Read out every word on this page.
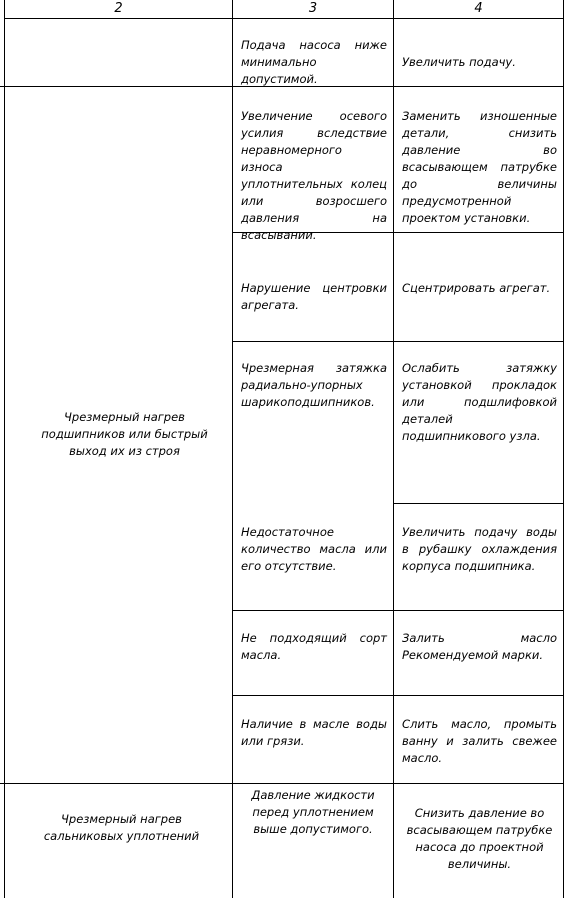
2	3	4
Подача насоса ниже минимально допустимой.
Увеличить подачу.
Увеличение осевого усилия вследствие неравномерного износа уплотнительных колец или возросшего давления на всасывании.
Заменить изношенные детали, снизить давление во всасывающем патрубке до величины предусмотренной проектом установки.
Нарушение центровки агрегата.
Сцентрировать агрегат.
Чрезмерная затяжка радиально-упорных шарикоподшипников.
Ослабить затяжку установкой прокладок или подшлифовкой деталей подшипникового узла.
Недостаточное количество масла или его отсутствие.
Увеличить подачу воды в рубашку охлаждения корпуса подшипника.
Не подходящий сорт масла.
Залить масло Рекомендуемой марки.
Наличие в масле воды или грязи.
Слить масло, промыть ванну и залить свежее масло.
Чрезмерный нагрев подшипников или быстрый выход их из строя
Чрезмерный нагрев сальниковых уплотнений
Давление жидкости перед уплотнением выше допустимого.
Снизить давление во всасывающем патрубке насоса до проектной величины.
